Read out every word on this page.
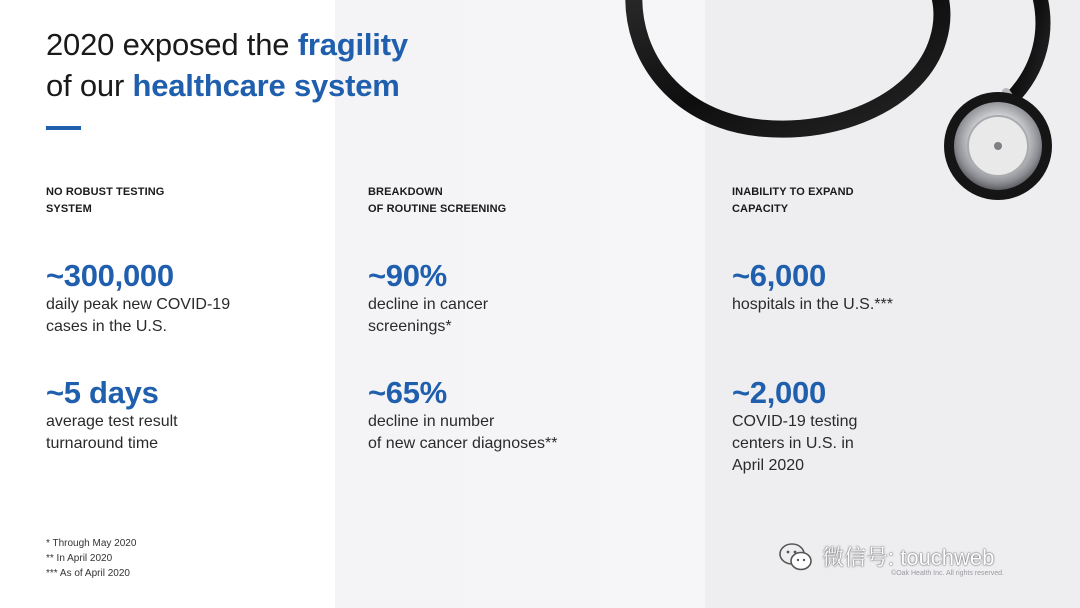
2020 exposed the fragility
of our healthcare system
NO ROBUST TESTING
SYSTEM
~300,000
daily peak new COVID-19
cases in the U.S.
~5 days
average test result
turnaround time
BREAKDOWN
OF ROUTINE SCREENING
~90%
decline in cancer
screenings*
~65%
decline in number
of new cancer diagnoses**
INABILITY TO EXPAND
CAPACITY
~6,000
hospitals in the U.S.***
~2,000
COVID-19 testing
centers in U.S. in
April 2020
* Through May 2020
** In April 2020
*** As of April 2020	©Oak Health Inc. All rights reserved.
微信号: touchweb
